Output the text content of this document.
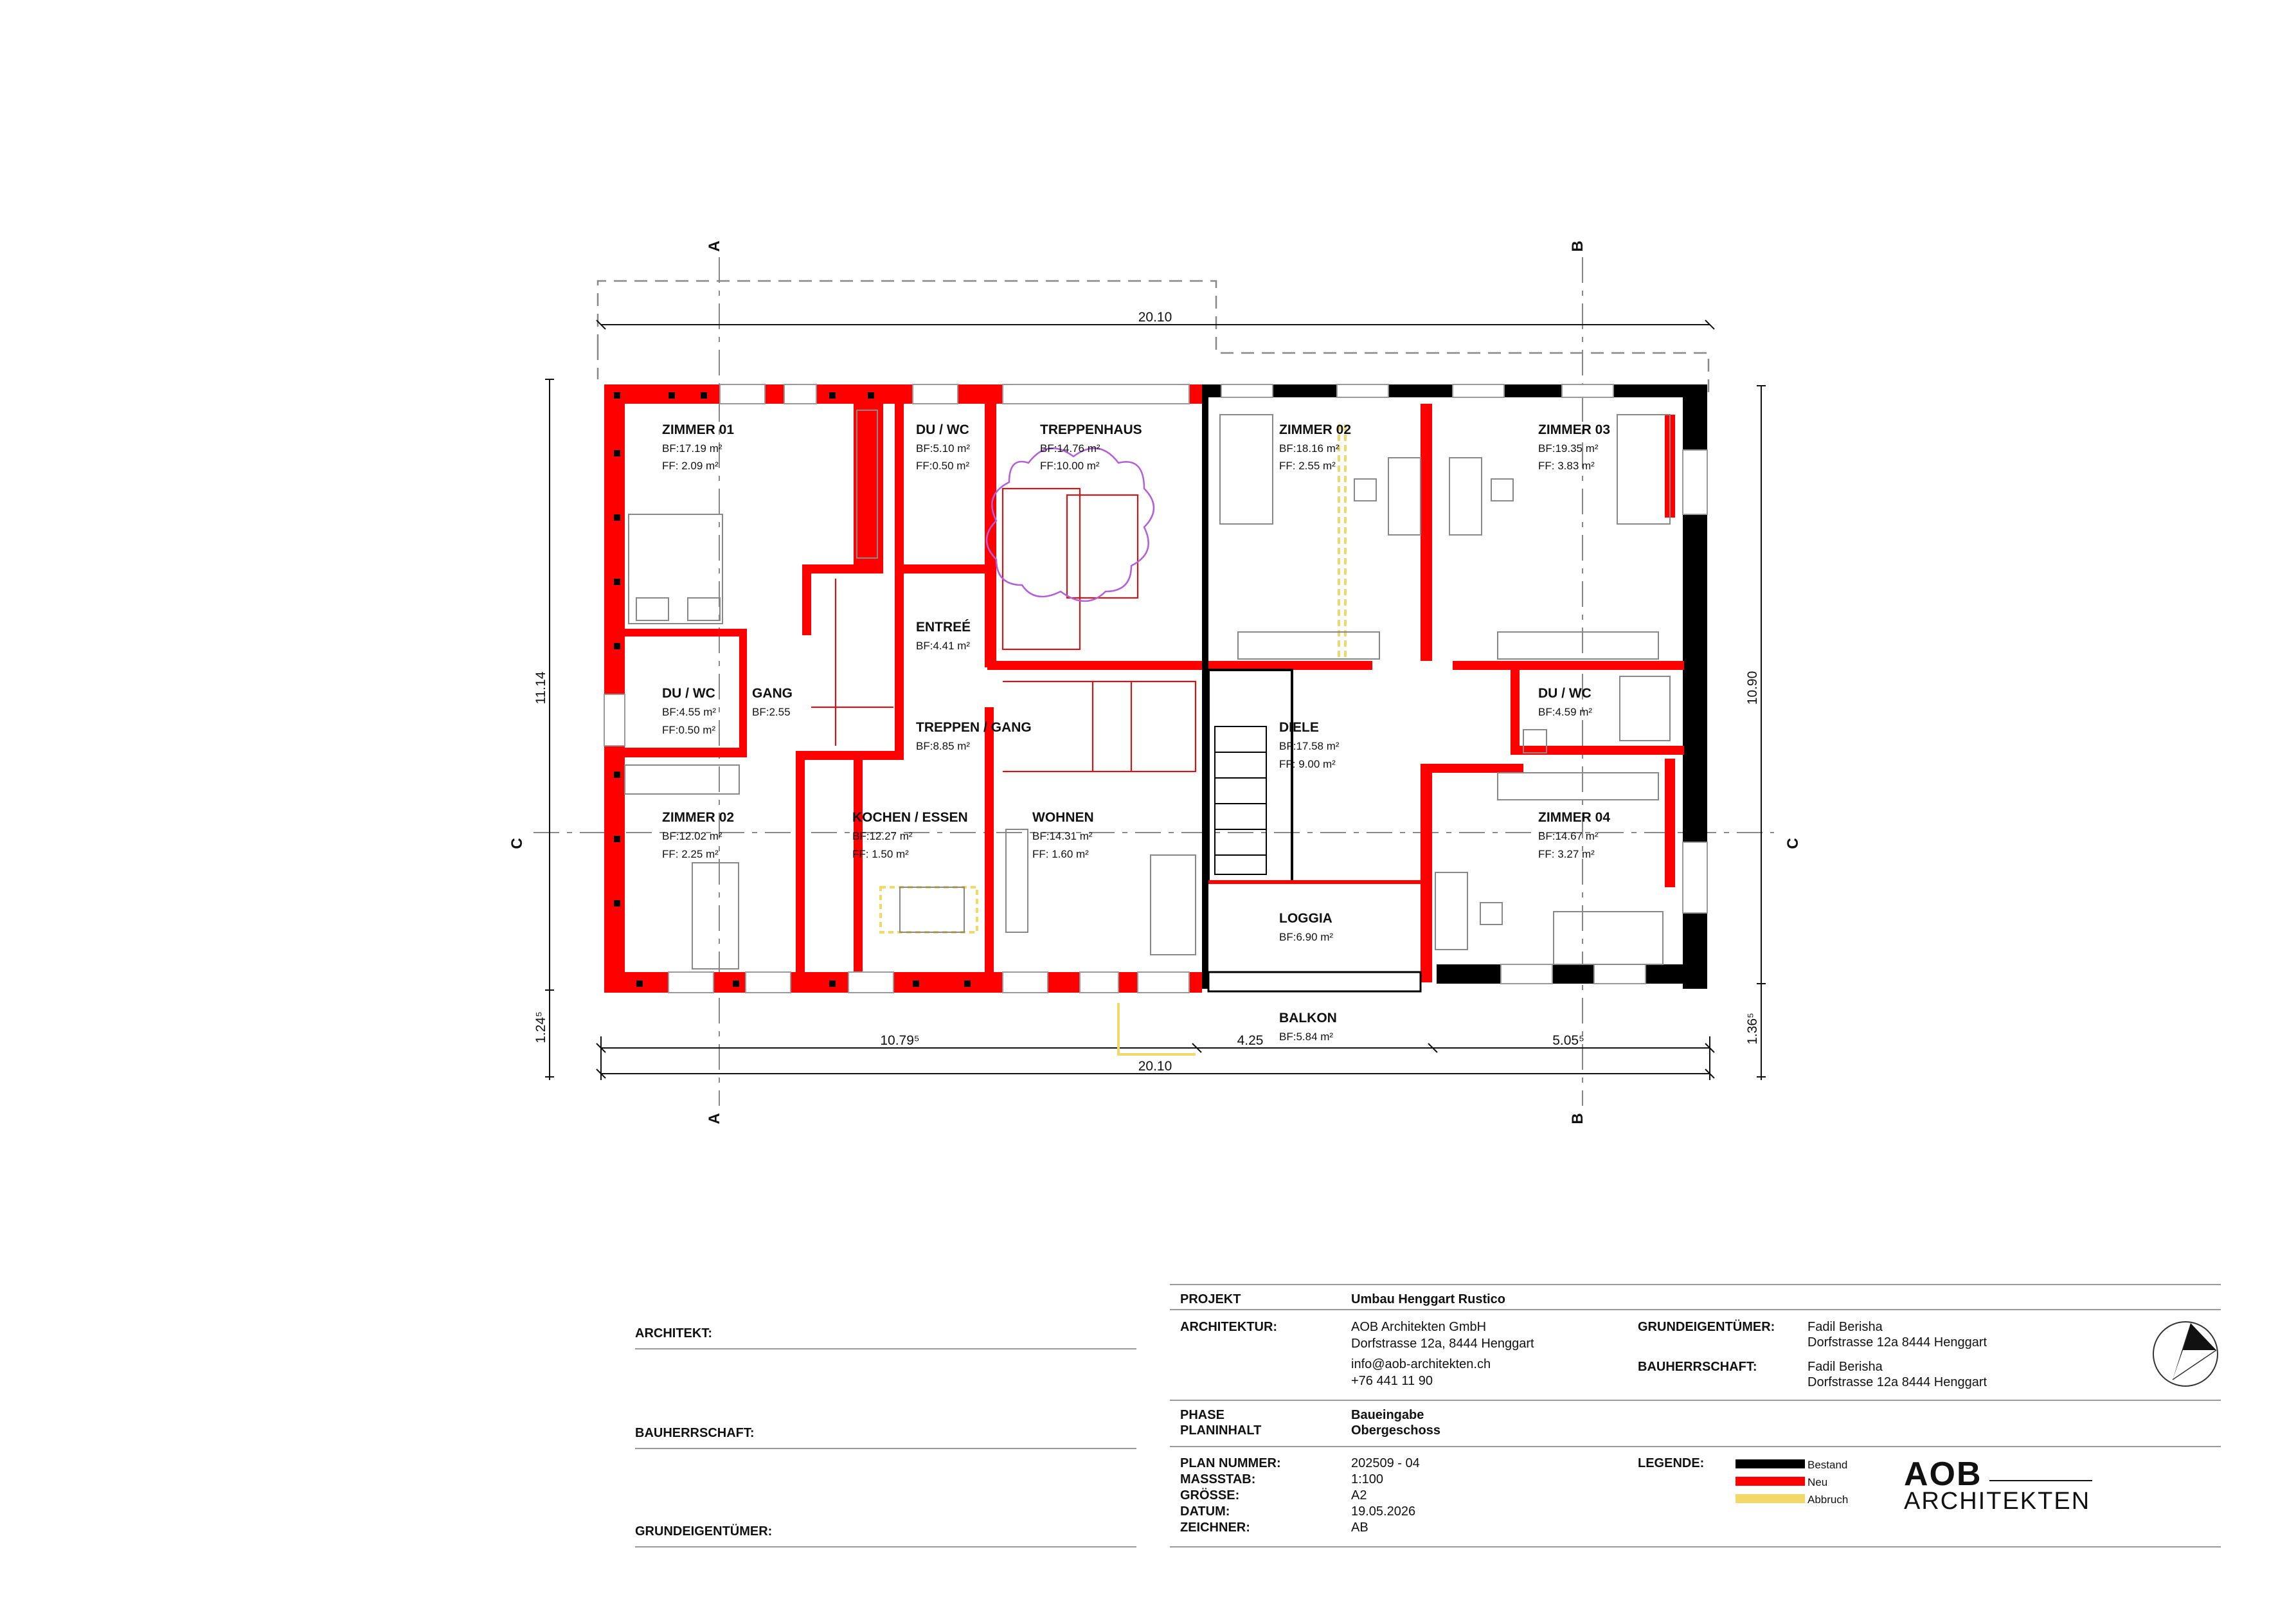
A
A
B
B
C	C
20.10
20.10
11.14	10.90
1.24⁵	1.36⁵
10.79⁵	4.25	5.05⁵
ZIMMER 01
BF:17.19 m²
FF: 2.09 m²
DU / WC
BF:5.10 m²
FF:0.50 m²
TREPPENHAUS
BF:14.76 m²
FF:10.00 m²
ZIMMER 02
BF:18.16 m²
FF: 2.55 m²
ZIMMER 03
BF:19.35 m²
FF: 3.83 m²
ENTREÉ
BF:4.41 m²
DU / WC
BF:4.55 m²
FF:0.50 m²
GANG
BF:2.55
TREPPEN / GANG
BF:8.85 m²
DIELE
BF:17.58 m²
FF: 9.00 m²
DU / WC
BF:4.59 m²
ZIMMER 02
BF:12.02 m²
FF: 2.25 m²
KOCHEN / ESSEN
BF:12.27 m²
FF: 1.50 m²
WOHNEN
BF:14.31 m²
FF: 1.60 m²
ZIMMER 04
BF:14.67 m²
FF: 3.27 m²
LOGGIA
BF:6.90 m²
BALKON
BF:5.84 m²
ARCHITEKT:
BAUHERRSCHAFT:
GRUNDEIGENTÜMER:
PROJEKT	Umbau Henggart Rustico
ARCHITEKTUR:	AOB Architekten GmbH
Dorfstrasse 12a, 8444 Henggart
info@aob-architekten.ch
+76 441 11 90
GRUNDEIGENTÜMER:	Fadil Berisha
Dorfstrasse 12a 8444 Henggart
BAUHERRSCHAFT:	Fadil Berisha
Dorfstrasse 12a 8444 Henggart
PHASE	Baueingabe
PLANINHALT	Obergeschoss
PLAN NUMMER:	202509 - 04
MASSSTAB:	1:100
GRÖSSE:	A2
DATUM:	19.05.2026
ZEICHNER:	AB
LEGENDE:	Bestand
Neu
Abbruch
AOB
ARCHITEKTEN
